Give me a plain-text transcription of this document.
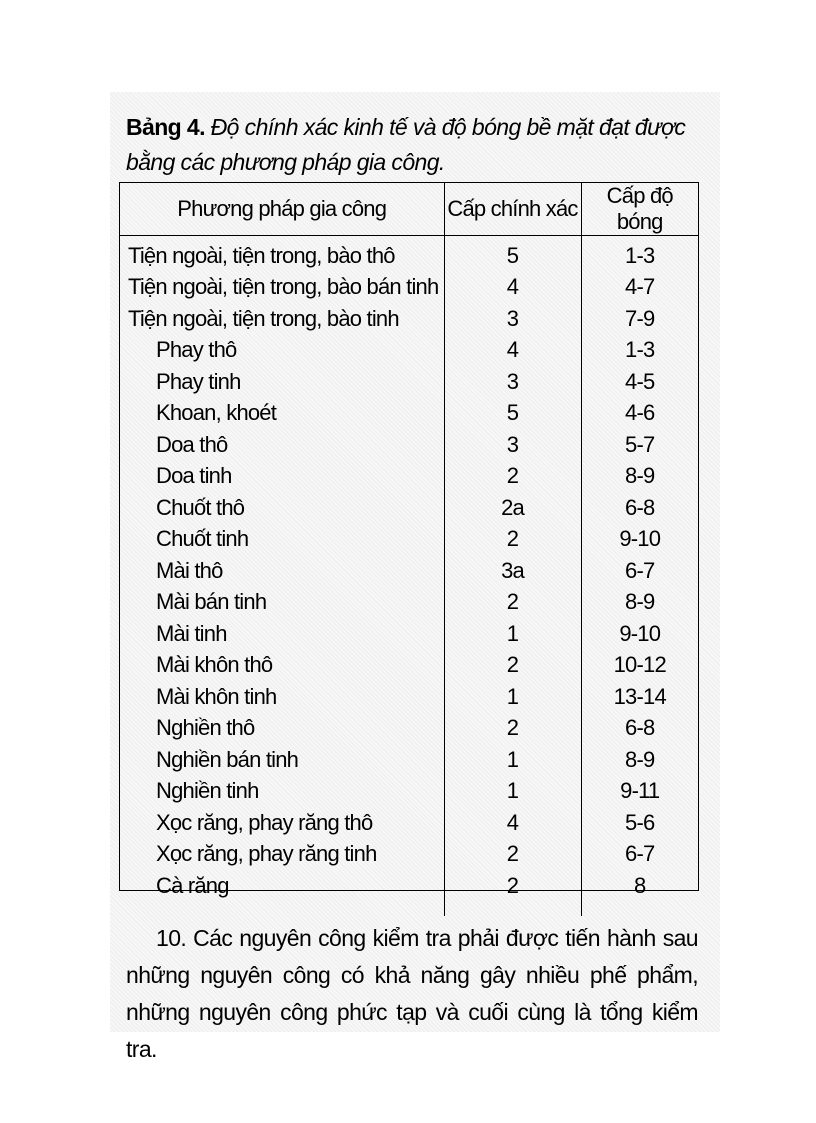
Bảng 4. Độ chính xác kinh tế và độ bóng bề mặt đạt được bằng các phương pháp gia công.
Phương pháp gia công	Cấp chính xác	Cấp độ bóng
Tiện ngoài, tiện trong, bào thô	5	1-3
Tiện ngoài, tiện trong, bào bán tinh	4	4-7
Tiện ngoài, tiện trong, bào tinh	3	7-9
Phay thô	4	1-3
Phay tinh	3	4-5
Khoan, khoét	5	4-6
Doa thô	3	5-7
Doa tinh	2	8-9
Chuốt thô	2a	6-8
Chuốt tinh	2	9-10
Mài thô	3a	6-7
Mài bán tinh	2	8-9
Mài tinh	1	9-10
Mài khôn thô	2	10-12
Mài khôn tinh	1	13-14
Nghiền thô	2	6-8
Nghiền bán tinh	1	8-9
Nghiền tinh	1	9-11
Xọc răng, phay răng thô	4	5-6
Xọc răng, phay răng tinh	2	6-7
Cà răng	2	8

10. Các nguyên công kiểm tra phải được tiến hành sau những nguyên công có khả năng gây nhiều phế phẩm, những nguyên công phức tạp và cuối cùng là tổng kiểm tra.
